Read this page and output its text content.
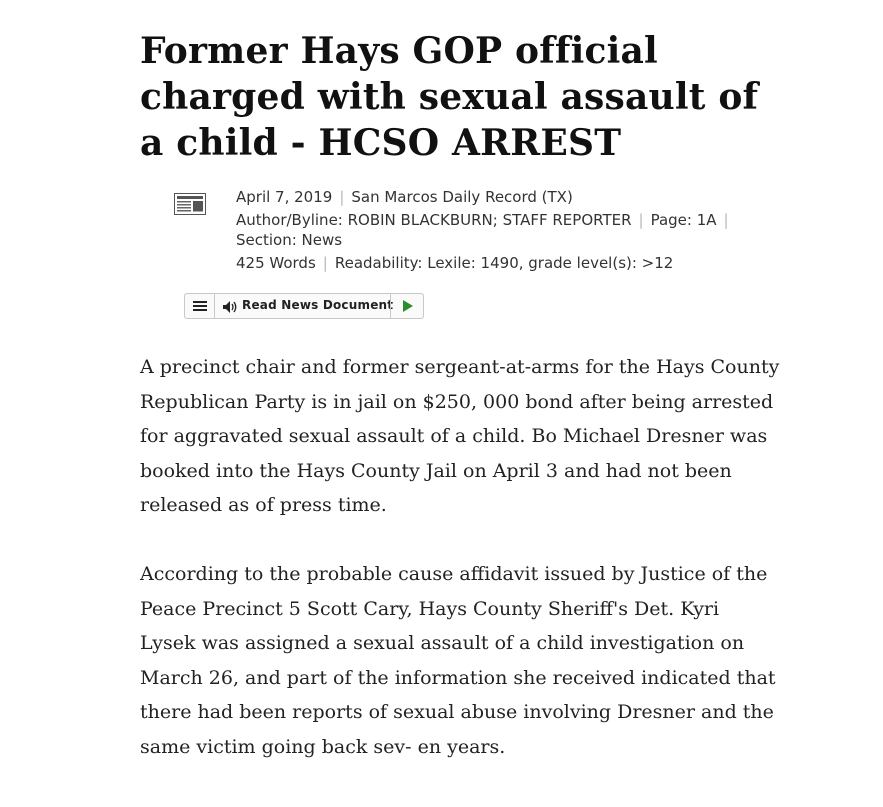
Former Hays GOP official charged with sexual assault of a child - HCSO ARREST
April 7, 2019 | San Marcos Daily Record (TX)
Author/Byline: ROBIN BLACKBURN; STAFF REPORTER | Page: 1A |
Section: News
425 Words | Readability: Lexile: 1490, grade level(s): >12
Read News Document

A precinct chair and former sergeant-at-arms for the Hays County Republican Party is in jail on $250, 000 bond after being arrested for aggravated sexual assault of a child. Bo Michael Dresner was booked into the Hays County Jail on April 3 and had not been released as of press time.

According to the probable cause affidavit issued by Justice of the Peace Precinct 5 Scott Cary, Hays County Sheriff's Det. Kyri Lysek was assigned a sexual assault of a child investigation on March 26, and part of the information she received indicated that there had been reports of sexual abuse involving Dresner and the same victim going back sev- en years.
